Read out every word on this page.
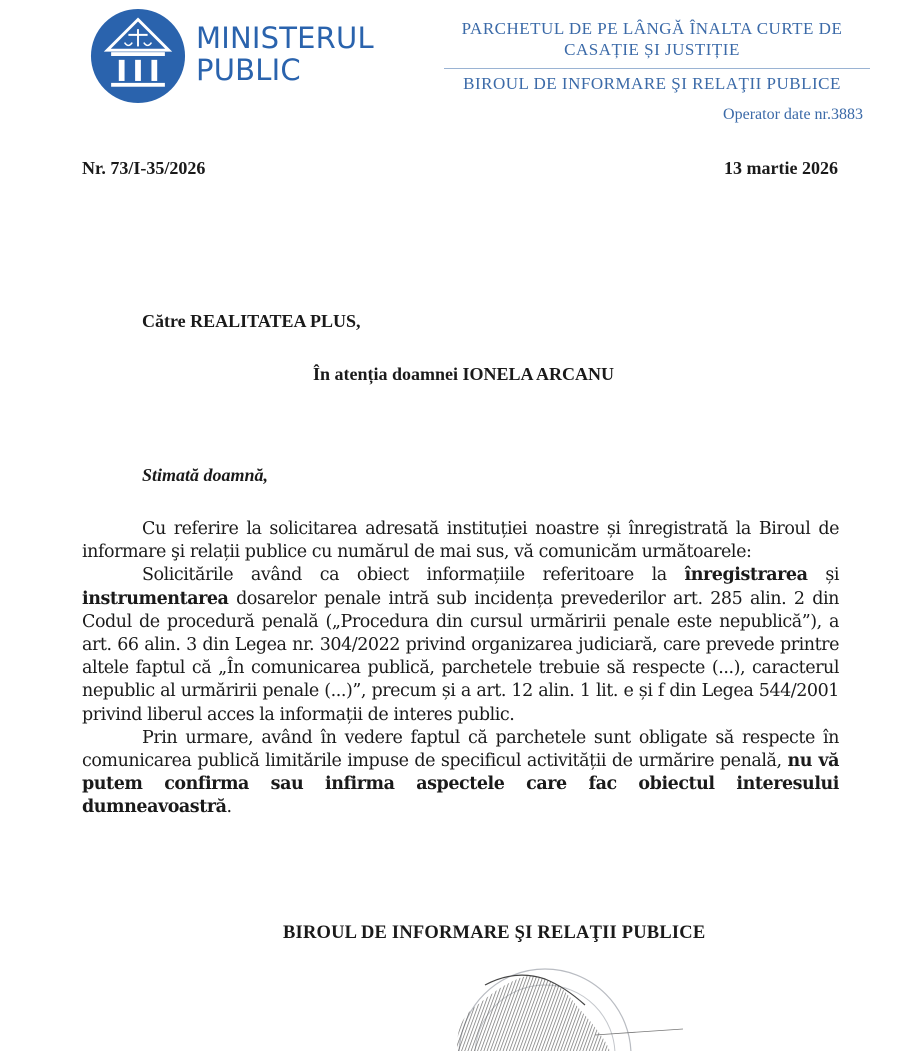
MINISTERUL
PUBLIC
PARCHETUL DE PE LÂNGĂ ÎNALTA CURTE DE
CASAȚIE ȘI JUSTIȚIE
BIROUL DE INFORMARE ŞI RELAŢII PUBLICE
Operator date nr.3883
Nr. 73/I-35/2026	13 martie 2026
Către REALITATEA PLUS,
În atenția doamnei IONELA ARCANU
Stimată doamnă,

Cu referire la solicitarea adresată instituției noastre și înregistrată la Biroul de informare şi relații publice cu numărul de mai sus, vă comunicăm următoarele:

Solicitările având ca obiect informațiile referitoare la înregistrarea și instrumentarea dosarelor penale intră sub incidența prevederilor art. 285 alin. 2 din Codul de procedură penală („Procedura din cursul urmăririi penale este nepublică”), a art. 66 alin. 3 din Legea nr. 304/2022 privind organizarea judiciară, care prevede printre altele faptul că „În comunicarea publică, parchetele trebuie să respecte (...), caracterul nepublic al urmăririi penale (...)”, precum și a art. 12 alin. 1 lit. e și f din Legea 544/2001 privind liberul acces la informații de interes public.

Prin urmare, având în vedere faptul că parchetele sunt obligate să respecte în comunicarea publică limitările impuse de specificul activității de urmărire penală, nu vă putem confirma sau infirma aspectele care fac obiectul interesului dumneavoastră.

BIROUL DE INFORMARE ŞI RELAŢII PUBLICE
